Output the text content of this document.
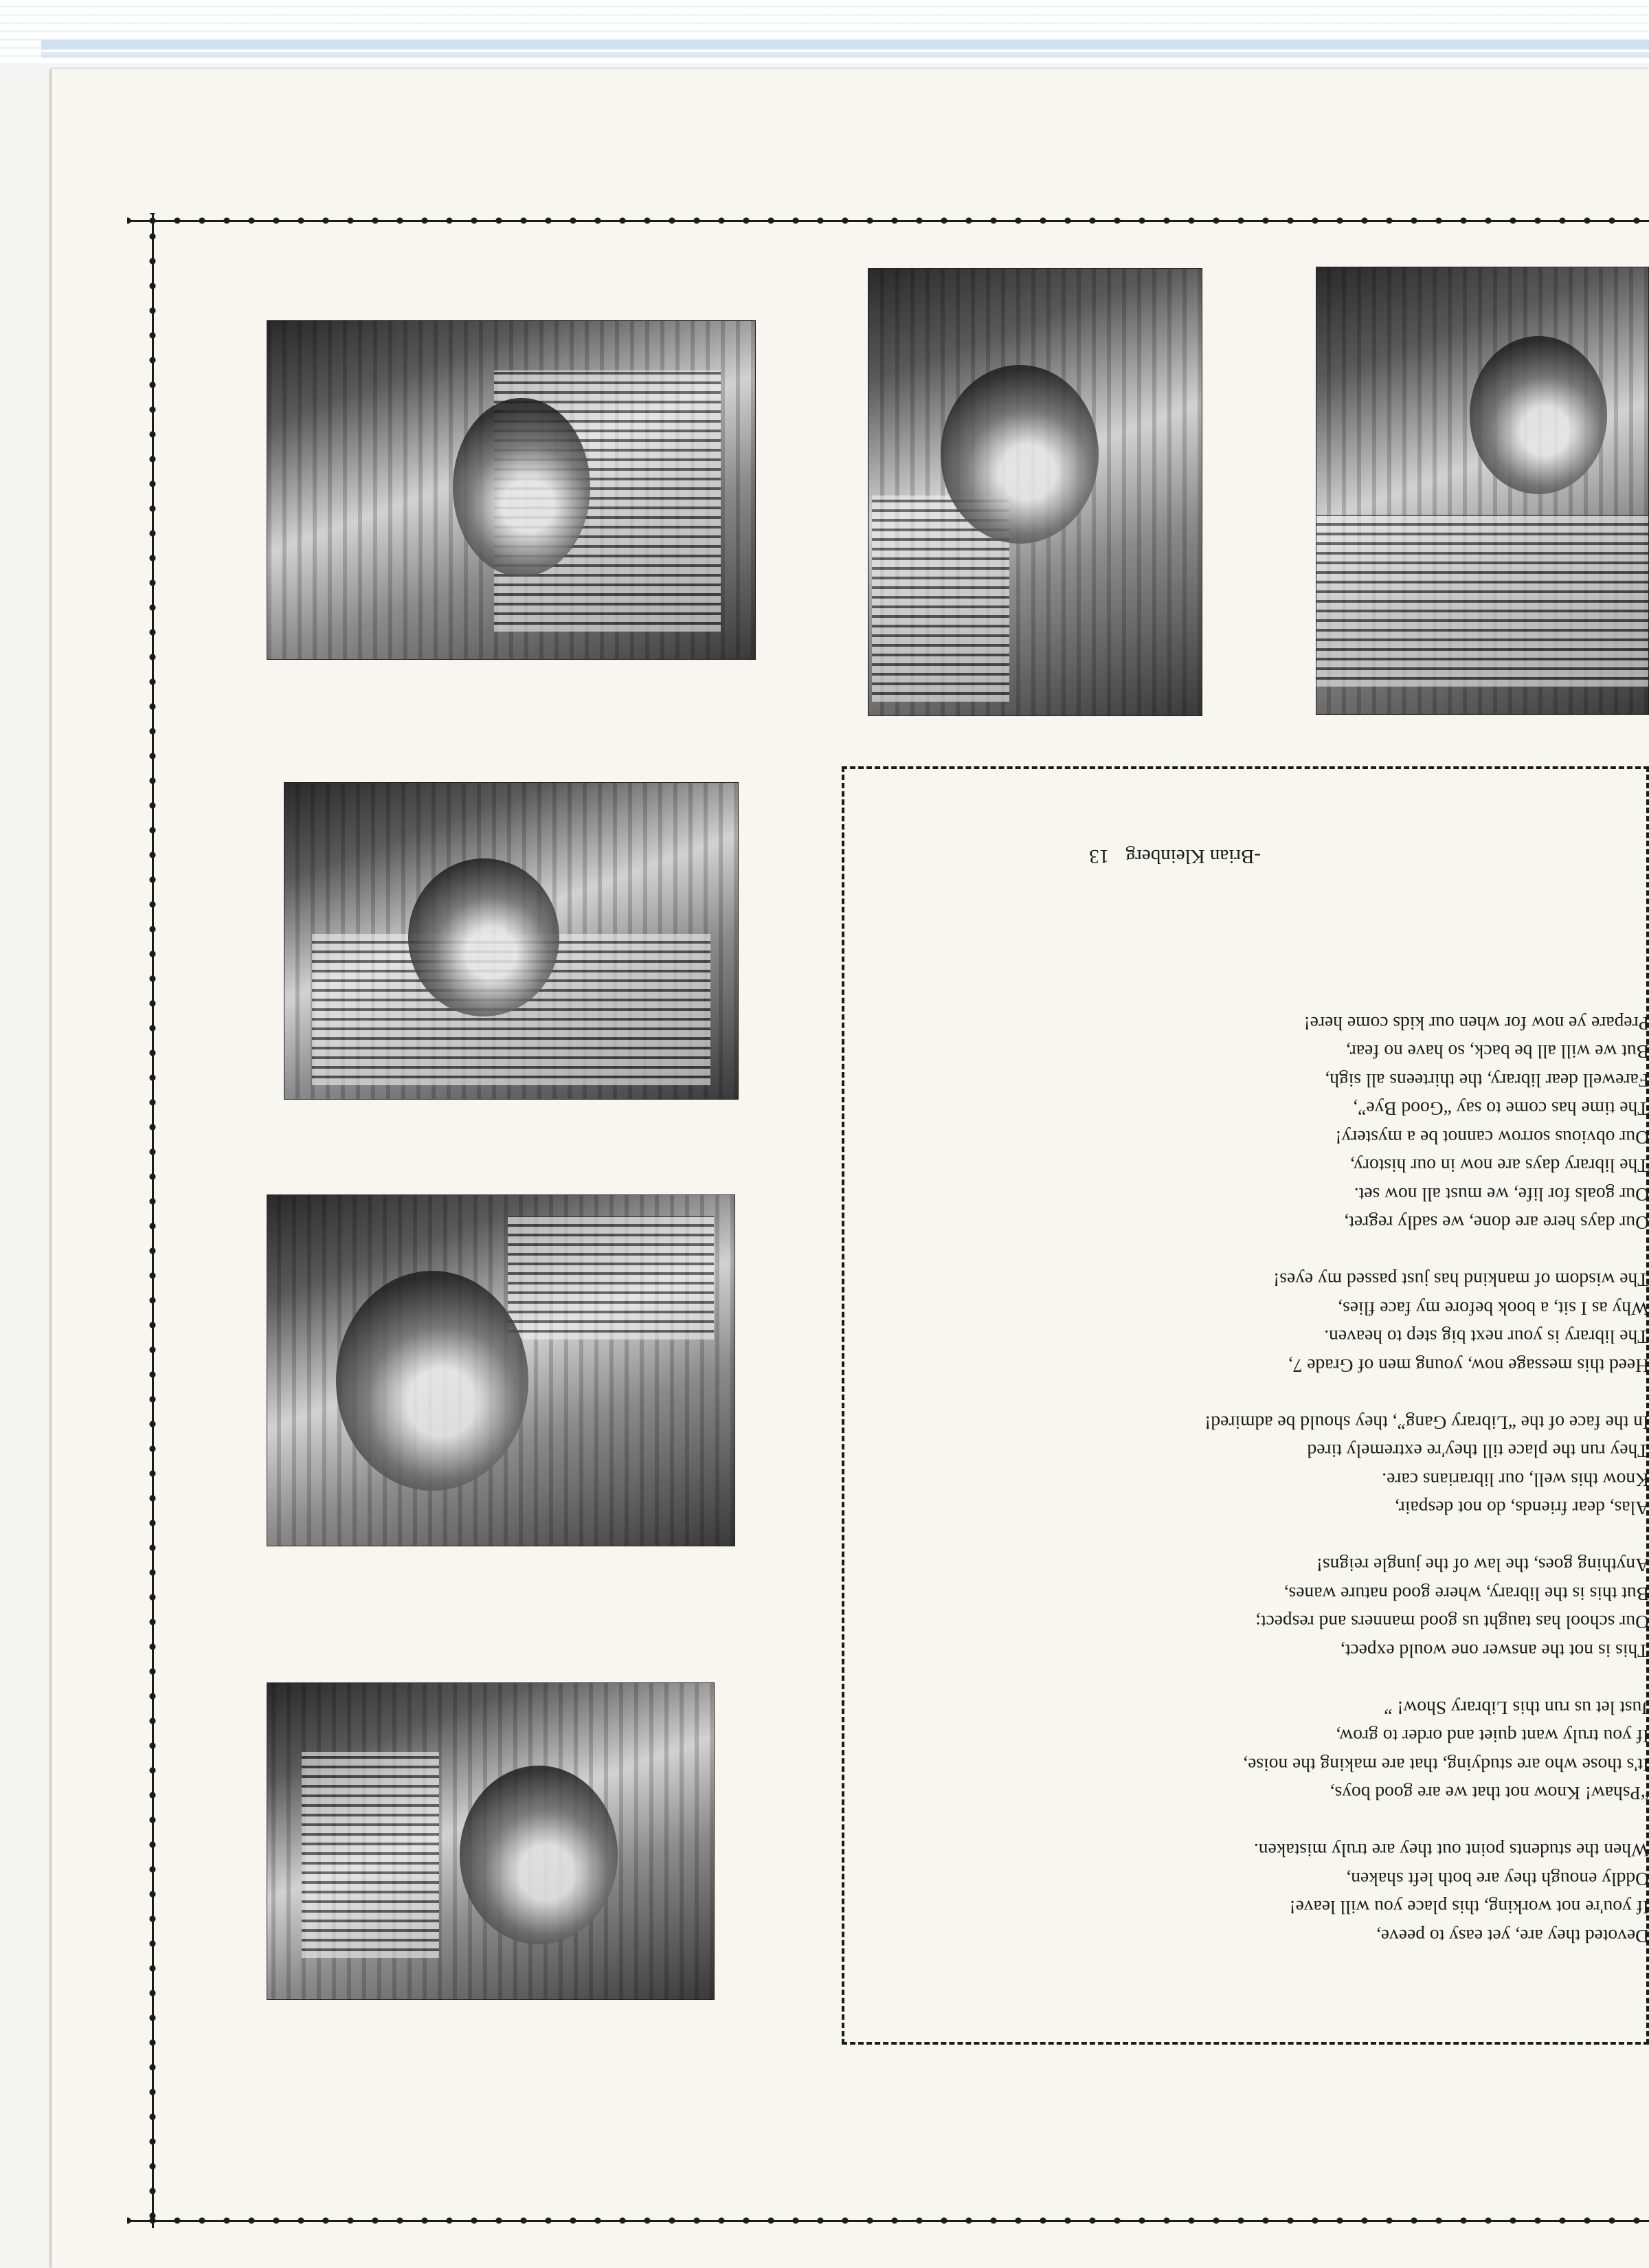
Devoted they are, yet easy to peeve,
If you're not working, this place you will leave!
Oddly enough they are both left shaken,
When the students point out they are truly mistaken.
“Pshaw! Know not that we are good boys,
It's those who are studying, that are making the noise,
If you truly want quiet and order to grow,
Just let us run this Library Show! ”
This is not the answer one would expect,
Our school has taught us good manners and respect;
But this is the library, where good nature wanes,
Anything goes, the law of the jungle reigns!
Alas, dear friends, do not despair,
Know this well, our librarians care.
They run the place till they're extremely tired
In the face of the “Library Gang”, they should be admired!
Heed this message now, young men of Grade 7,
The library is your next big step to heaven.
Why as I sit, a book before my face flies,
The wisdom of mankind has just passed my eyes!
Our days here are done, we sadly regret,
Our goals for life, we must all now set.
The library days are now in our history,
Our obvious sorrow cannot be a mystery!
The time has come to say “Good Bye”,
Farewell dear library, the thirteens all sigh,
But we will all be back, so have no fear,
Prepare ye now for when our kids come here!
-Brian Kleinberg13
